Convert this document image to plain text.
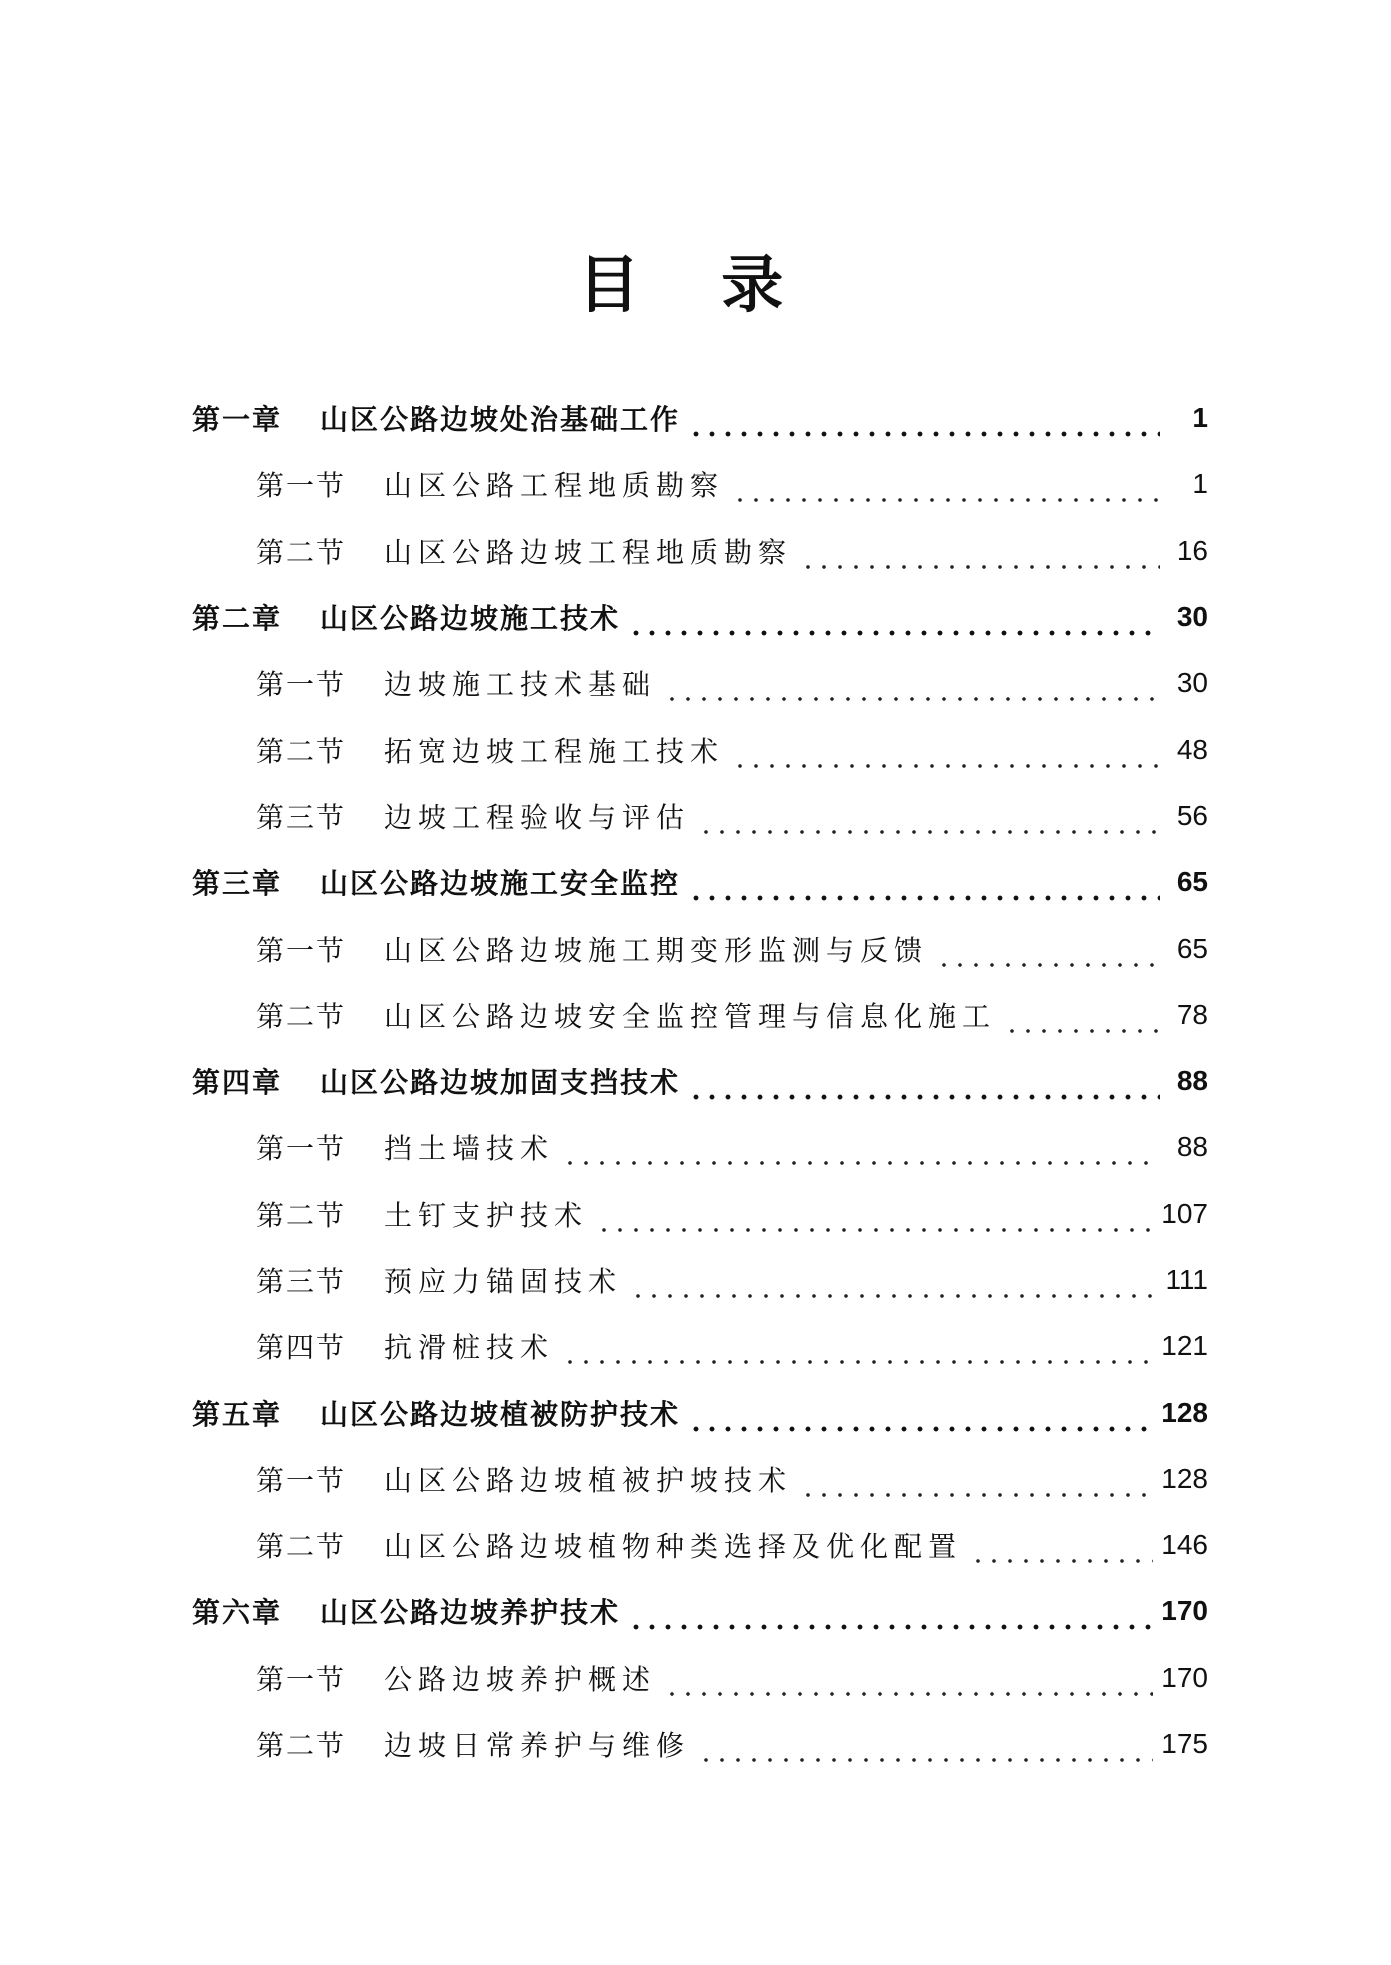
目 录
第一章	山区公路边坡处治基础工作	1
第一节	山区公路工程地质勘察	1
第二节	山区公路边坡工程地质勘察	16
第二章	山区公路边坡施工技术	30
第一节	边坡施工技术基础	30
第二节	拓宽边坡工程施工技术	48
第三节	边坡工程验收与评估	56
第三章	山区公路边坡施工安全监控	65
第一节	山区公路边坡施工期变形监测与反馈	65
第二节	山区公路边坡安全监控管理与信息化施工	78
第四章	山区公路边坡加固支挡技术	88
第一节	挡土墙技术	88
第二节	土钉支护技术	107
第三节	预应力锚固技术	111
第四节	抗滑桩技术	121
第五章	山区公路边坡植被防护技术	128
第一节	山区公路边坡植被护坡技术	128
第二节	山区公路边坡植物种类选择及优化配置	146
第六章	山区公路边坡养护技术	170
第一节	公路边坡养护概述	170
第二节	边坡日常养护与维修	175
